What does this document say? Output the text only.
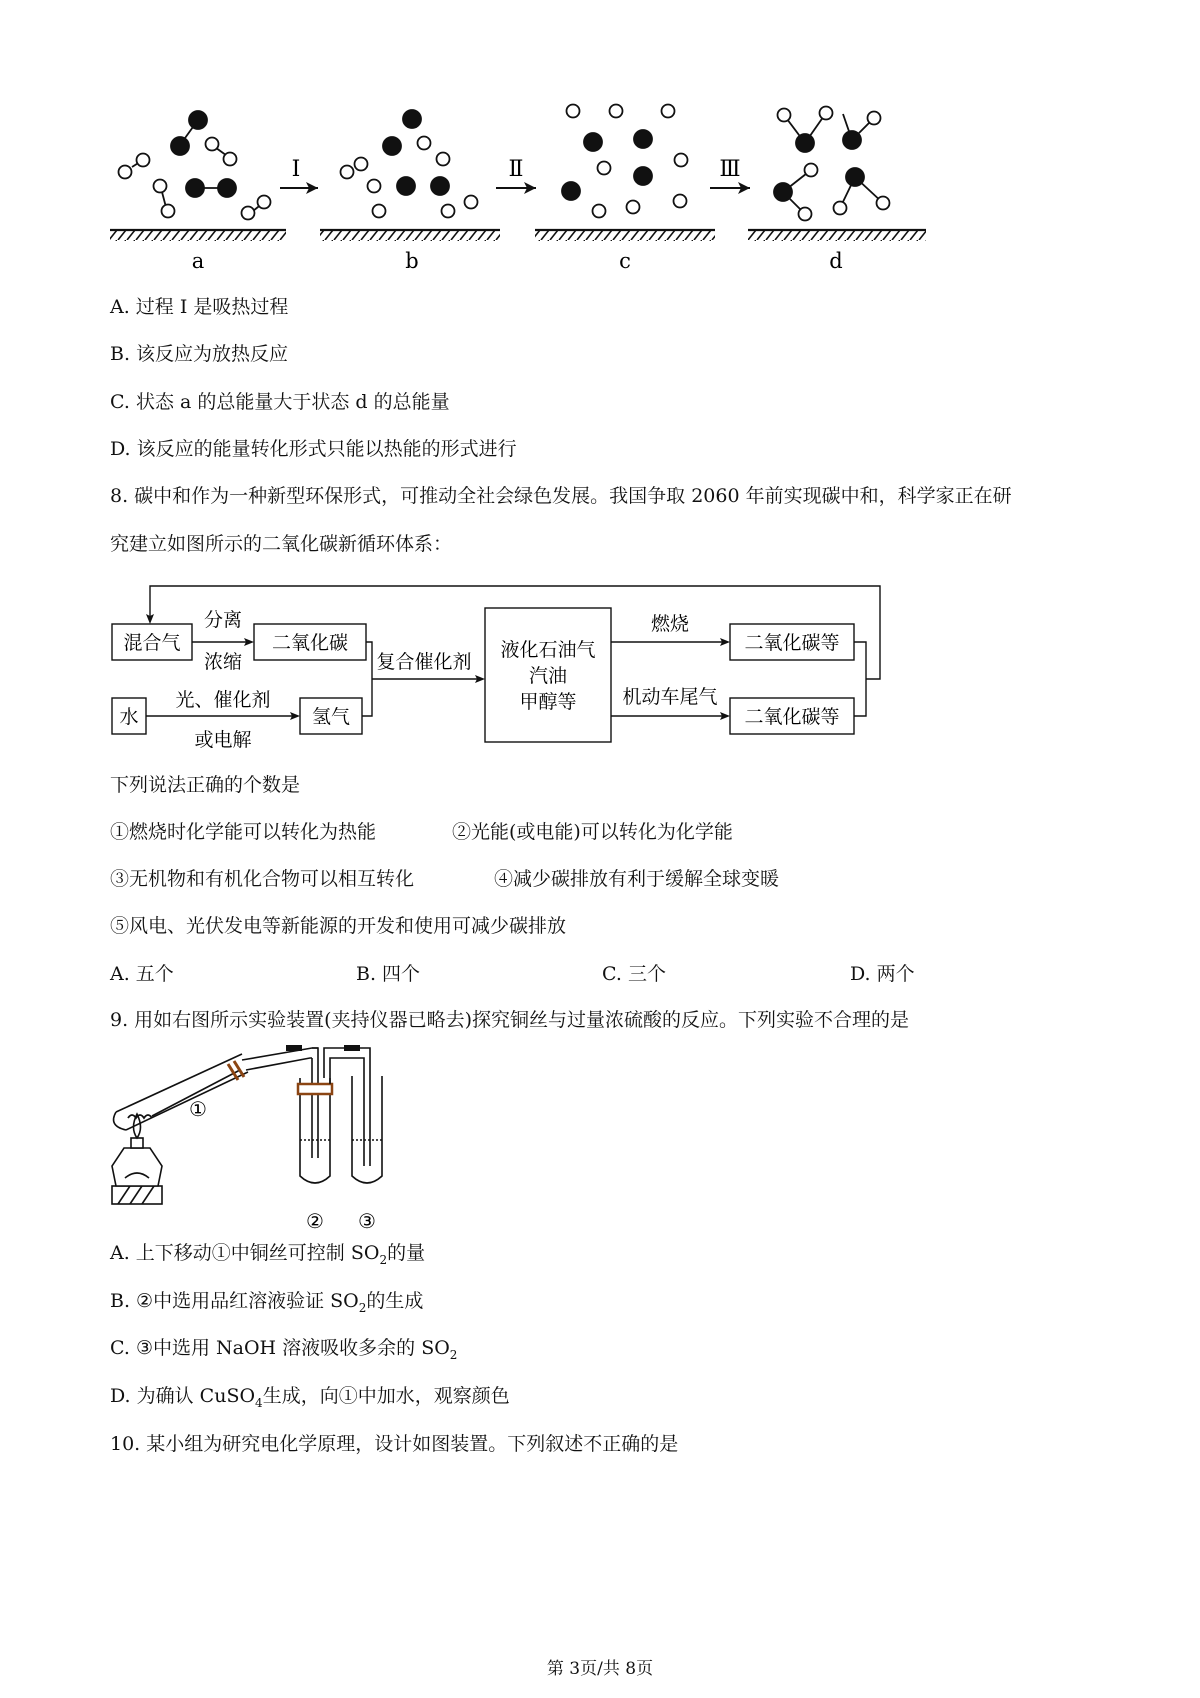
Ⅰ	Ⅱ	Ⅲ
a	b	c	d
A. 过程 I 是吸热过程
B. 该反应为放热反应
C. 状态 a 的总能量大于状态 d 的总能量
D. 该反应的能量转化形式只能以热能的形式进行
8. 碳中和作为一种新型环保形式，可推动全社会绿色发展。我国争取 2060 年前实现碳中和，科学家正在研
究建立如图所示的二氧化碳新循环体系：
混合气	二氧化碳
水	氢气
液化石油气
汽油
甲醇等
二氧化碳等
二氧化碳等
分离
浓缩
光、催化剂
或电解
复合催化剂
燃烧
机动车尾气
下列说法正确的个数是
①燃烧时化学能可以转化为热能	②光能(或电能)可以转化为化学能
③无机物和有机化合物可以相互转化	④减少碳排放有利于缓解全球变暖
⑤风电、光伏发电等新能源的开发和使用可减少碳排放
A. 五个	B. 四个	C. 三个	D. 两个
9. 用如右图所示实验装置(夹持仪器已略去)探究铜丝与过量浓硫酸的反应。下列实验不合理的是
①
② ③
A. 上下移动①中铜丝可控制 $SO_2$的量
B. ②中选用品红溶液验证 $SO_2$的生成
C. ③中选用 NaOH 溶液吸收多余的 $SO_2$
D. 为确认 CuSO$_4$生成，向①中加水，观察颜色
10. 某小组为研究电化学原理，设计如图装置。下列叙述不正确的是
第 3页/共 8页
